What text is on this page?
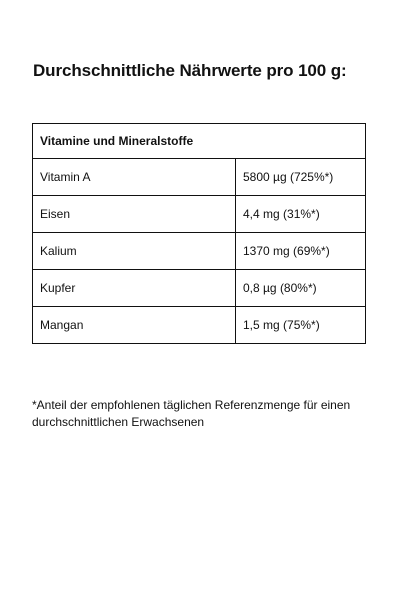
Durchschnittliche Nährwerte pro 100 g:
Vitamine und Mineralstoffe	
Vitamin A	5800 µg (725%*)
Eisen	4,4 mg (31%*)
Kalium	1370 mg (69%*)
Kupfer	0,8 µg (80%*)
Mangan	1,5 mg (75%*)
*Anteil der empfohlenen täglichen Referenzmenge für einen durchschnittlichen Erwachsenen
